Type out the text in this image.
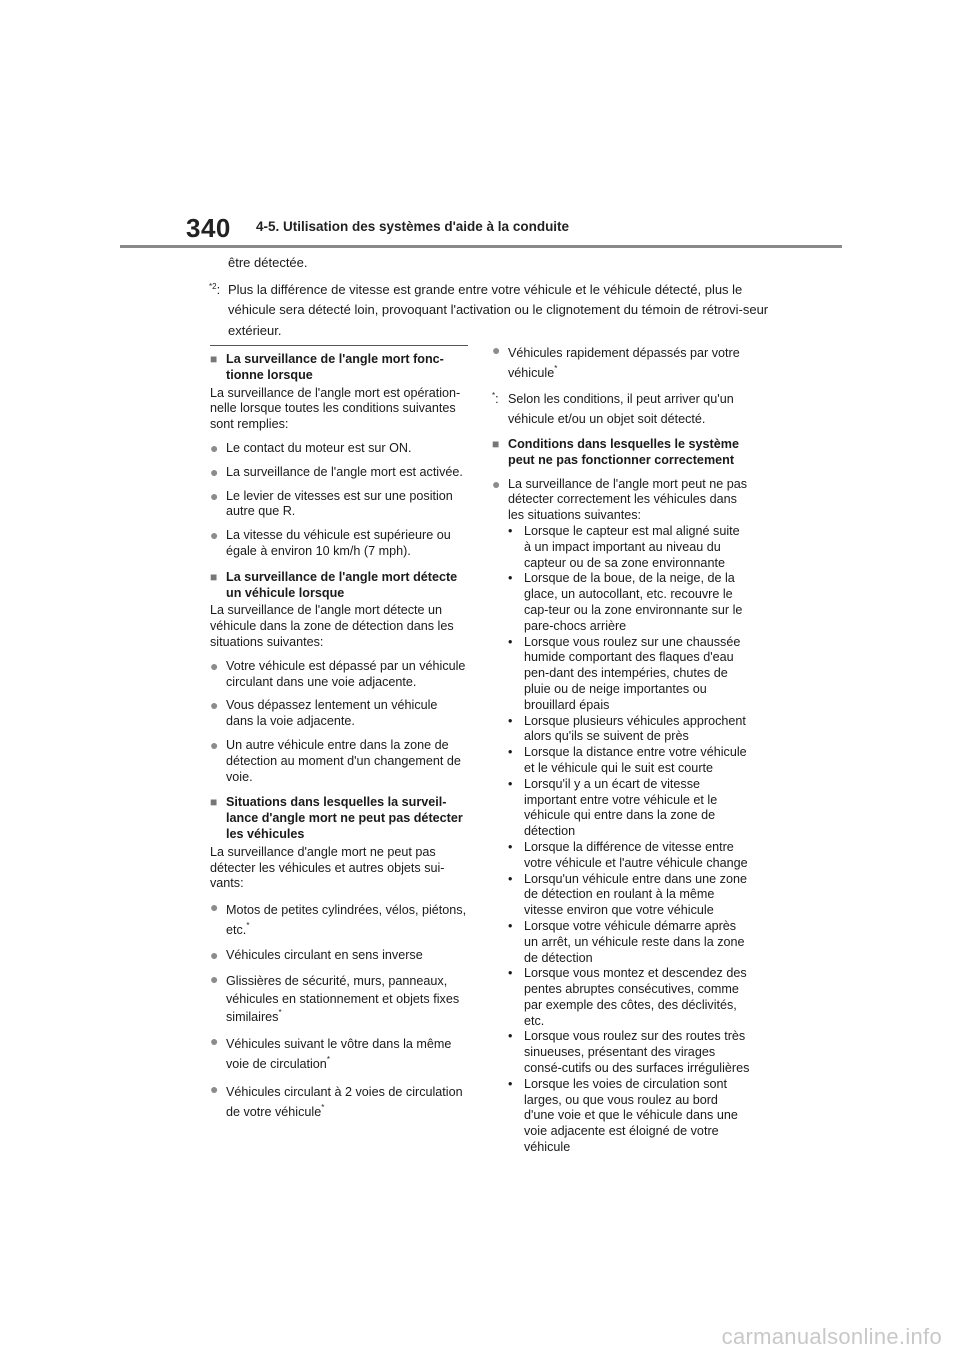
340 4-5. Utilisation des systèmes d'aide à la conduite

être détectée.

$^{*2}$: Plus la différence de vitesse est grande entre votre véhicule et le véhicule détecté, plus le véhicule sera détecté loin, provoquant l'activation ou le clignotement du témoin de rétrovi-seur extérieur.
■ La surveillance de l'angle mort fonc-tionne lorsque

La surveillance de l'angle mort est opération-nelle lorsque toutes les conditions suivantes sont remplies:

● Le contact du moteur est sur ON.
● La surveillance de l'angle mort est activée.
● Le levier de vitesses est sur une position autre que R.
● La vitesse du véhicule est supérieure ou égale à environ 10 km/h (7 mph).
■ La surveillance de l'angle mort détecte un véhicule lorsque

La surveillance de l'angle mort détecte un véhicule dans la zone de détection dans les situations suivantes:

● Votre véhicule est dépassé par un véhicule circulant dans une voie adjacente.
● Vous dépassez lentement un véhicule dans la voie adjacente.
● Un autre véhicule entre dans la zone de détection au moment d'un changement de voie.
■ Situations dans lesquelles la surveil-lance d'angle mort ne peut pas détecter les véhicules

La surveillance d'angle mort ne peut pas détecter les véhicules et autres objets sui-vants:

● Motos de petites cylindrées, vélos, piétons, etc.*
● Véhicules circulant en sens inverse
● Glissières de sécurité, murs, panneaux, véhicules en stationnement et objets fixes similaires*
● Véhicules suivant le vôtre dans la même voie de circulation*
● Véhicules circulant à 2 voies de circulation de votre véhicule*
● Véhicules rapidement dépassés par votre véhicule*
*: Selon les conditions, il peut arriver qu'un véhicule et/ou un objet soit détecté.
■ Conditions dans lesquelles le système peut ne pas fonctionner correctement
● La surveillance de l'angle mort peut ne pas détecter correctement les véhicules dans les situations suivantes:
• Lorsque le capteur est mal aligné suite à un impact important au niveau du capteur ou de sa zone environnante
• Lorsque de la boue, de la neige, de la glace, un autocollant, etc. recouvre le cap-teur ou la zone environnante sur le pare-chocs arrière
• Lorsque vous roulez sur une chaussée humide comportant des flaques d'eau pen-dant des intempéries, chutes de pluie ou de neige importantes ou brouillard épais
• Lorsque plusieurs véhicules approchent alors qu'ils se suivent de près
• Lorsque la distance entre votre véhicule et le véhicule qui le suit est courte
• Lorsqu'il y a un écart de vitesse important entre votre véhicule et le véhicule qui entre dans la zone de détection
• Lorsque la différence de vitesse entre votre véhicule et l'autre véhicule change
• Lorsqu'un véhicule entre dans une zone de détection en roulant à la même vitesse environ que votre véhicule
• Lorsque votre véhicule démarre après un arrêt, un véhicule reste dans la zone de détection
• Lorsque vous montez et descendez des pentes abruptes consécutives, comme par exemple des côtes, des déclivités, etc.
• Lorsque vous roulez sur des routes très sinueuses, présentant des virages consé-cutifs ou des surfaces irrégulières
• Lorsque les voies de circulation sont larges, ou que vous roulez au bord d'une voie et que le véhicule dans une voie adjacente est éloigné de votre véhicule
carmanualsonline.info
